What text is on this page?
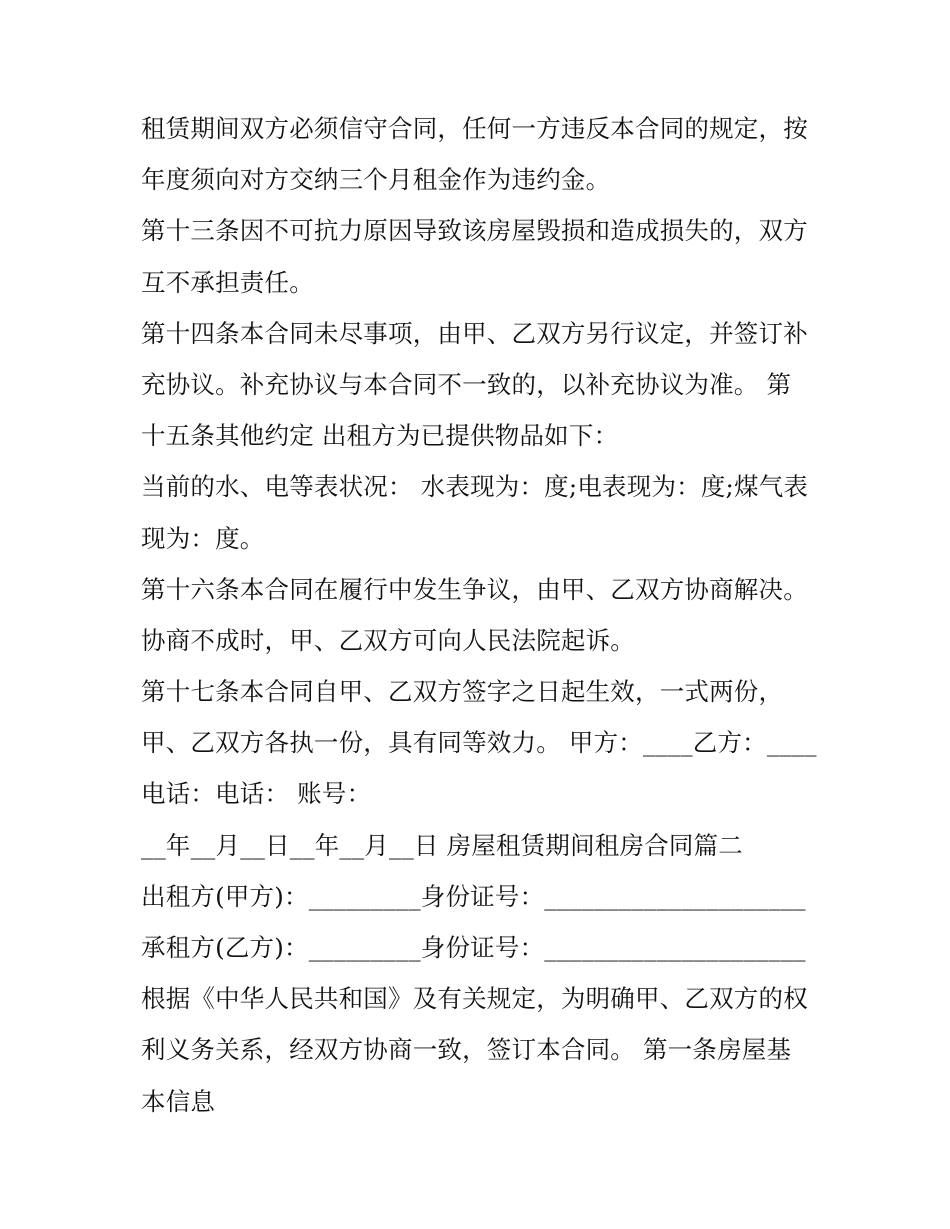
租赁期间双方必须信守合同，任何一方违反本合同的规定，按
年度须向对方交纳三个月租金作为违约金。
第十三条因不可抗力原因导致该房屋毁损和造成损失的，双方
互不承担责任。
第十四条本合同未尽事项，由甲、乙双方另行议定，并签订补
充协议。补充协议与本合同不一致的，以补充协议为准。 第
十五条其他约定 出租方为已提供物品如下：
当前的水、电等表状况： 水表现为：度;电表现为：度;煤气表
现为：度。
第十六条本合同在履行中发生争议，由甲、乙双方协商解决。
协商不成时，甲、乙双方可向人民法院起诉。
第十七条本合同自甲、乙双方签字之日起生效，一式两份，
甲、乙双方各执一份，具有同等效力。 甲方：____乙方：____
电话：电话： 账号：
__年__月__日__年__月__日 房屋租赁期间租房合同篇二
出租方(甲方)：_________身份证号：_____________________
承租方(乙方)：_________身份证号：_____________________
根据《中华人民共和国》及有关规定，为明确甲、乙双方的权
利义务关系，经双方协商一致，签订本合同。 第一条房屋基
本信息
